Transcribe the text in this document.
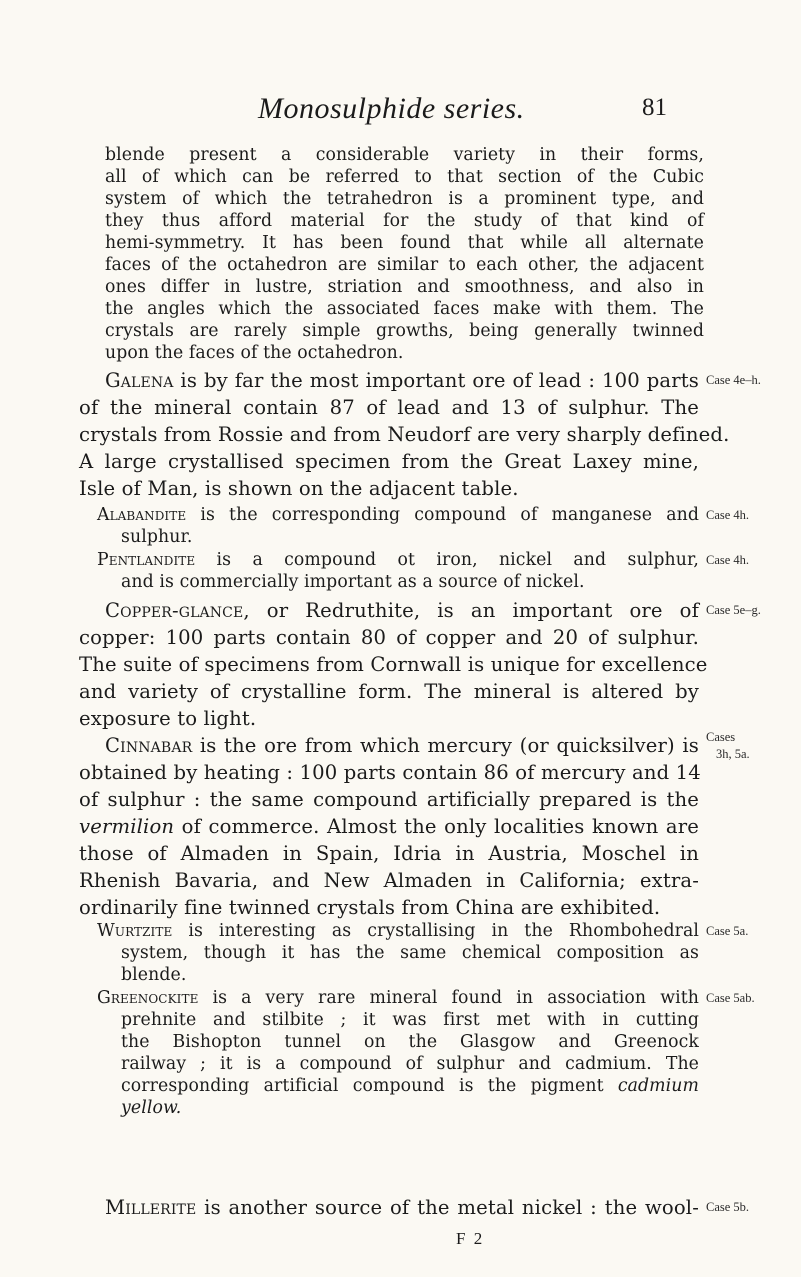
Monosulphide series.	81
blende present a considerable variety in their forms,
all of which can be referred to that section of the Cubic
system of which the tetrahedron is a prominent type, and
they thus afford material for the study of that kind of
hemi-symmetry. It has been found that while all alternate
faces of the octahedron are similar to each other, the adjacent
ones differ in lustre, striation and smoothness, and also in
the angles which the associated faces make with them. The
crystals are rarely simple growths, being generally twinned
upon the faces of the octahedron.
Galena is by far the most important ore of lead : 100 parts
of the mineral contain 87 of lead and 13 of sulphur. The
crystals from Rossie and from Neudorf are very sharply defined.
A large crystallised specimen from the Great Laxey mine,
Isle of Man, is shown on the adjacent table.
Case 4e–h.
Alabandite is the corresponding compound of manganese and
sulphur.
Case 4h.
Pentlandite is a compound ot iron, nickel and sulphur,
and is commercially important as a source of nickel.
Case 4h.
Copper-glance, or Redruthite, is an important ore of
copper: 100 parts contain 80 of copper and 20 of sulphur.
The suite of specimens from Cornwall is unique for excellence
and variety of crystalline form. The mineral is altered by
exposure to light.
Case 5e–g.
Cinnabar is the ore from which mercury (or quicksilver) is
obtained by heating : 100 parts contain 86 of mercury and 14
of sulphur : the same compound artificially prepared is the
vermilion of commerce. Almost the only localities known are
those of Almaden in Spain, Idria in Austria, Moschel in
Rhenish Bavaria, and New Almaden in California; extra-
ordinarily fine twinned crystals from China are exhibited.
Cases
3h, 5a.
Wurtzite is interesting as crystallising in the Rhombohedral
system, though it has the same chemical composition as
blende.
Case 5a.
Greenockite is a very rare mineral found in association with
prehnite and stilbite ; it was first met with in cutting
the Bishopton tunnel on the Glasgow and Greenock
railway ; it is a compound of sulphur and cadmium. The
corresponding artificial compound is the pigment cadmium
yellow.
Case 5ab.
Millerite is another source of the metal nickel : the wool- Case 5b.
F 2
